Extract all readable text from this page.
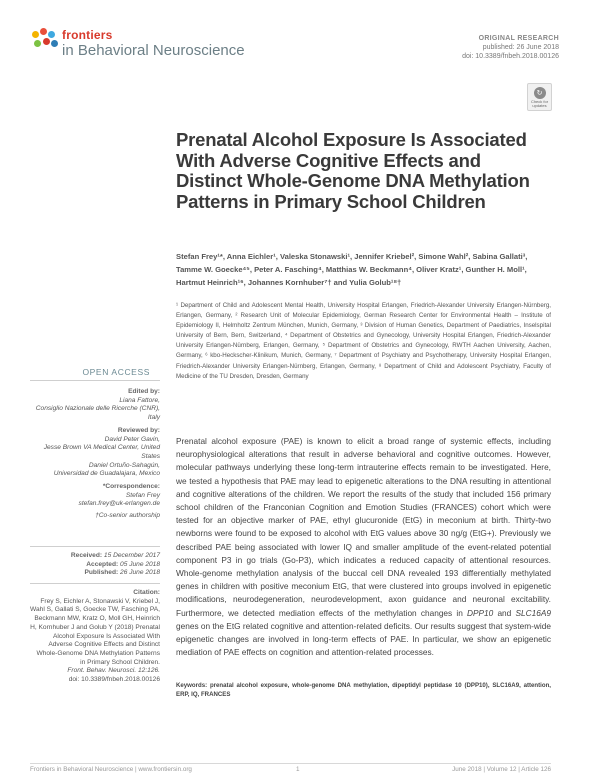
frontiers
in Behavioral Neuroscience
ORIGINAL RESEARCH
published: 26 June 2018
doi: 10.3389/fnbeh.2018.00126
↻
Check for updates
Prenatal Alcohol Exposure Is Associated With Adverse Cognitive Effects and Distinct Whole-Genome DNA Methylation Patterns in Primary School Children
Stefan Frey¹*, Anna Eichler¹, Valeska Stonawski¹, Jennifer Kriebel², Simone Wahl², Sabina Gallati³, Tamme W. Goecke⁴⁵, Peter A. Fasching⁴, Matthias W. Beckmann⁴, Oliver Kratz¹, Gunther H. Moll¹, Hartmut Heinrich¹⁶, Johannes Kornhuber⁷† and Yulia Golub¹⁸†
¹ Department of Child and Adolescent Mental Health, University Hospital Erlangen, Friedrich-Alexander University Erlangen-Nürnberg, Erlangen, Germany, ² Research Unit of Molecular Epidemiology, German Research Center for Environmental Health – Institute of Epidemiology II, Helmholtz Zentrum München, Munich, Germany, ³ Division of Human Genetics, Department of Paediatrics, Inselspital University of Bern, Bern, Switzerland, ⁴ Department of Obstetrics and Gynecology, University Hospital Erlangen, Friedrich-Alexander University Erlangen-Nürnberg, Erlangen, Germany, ⁵ Department of Obstetrics and Gynecology, RWTH Aachen University, Aachen, Germany, ⁶ kbo-Heckscher-Klinikum, Munich, Germany, ⁷ Department of Psychiatry and Psychotherapy, University Hospital Erlangen, Friedrich-Alexander University Erlangen-Nürnberg, Erlangen, Germany, ⁸ Department of Child and Adolescent Psychiatry, Faculty of Medicine of the TU Dresden, Dresden, Germany
OPEN ACCESS
Edited by:
Liana Fattore,
Consiglio Nazionale delle Ricerche (CNR), Italy
Reviewed by:
David Peter Gavin,
Jesse Brown VA Medical Center, United States
Daniel Ortuño-Sahagún,
Universidad de Guadalajara, Mexico
*Correspondence:
Stefan Frey
stefan.frey@uk-erlangen.de
†Co-senior authorship
Received: 15 December 2017
Accepted: 05 June 2018
Published: 26 June 2018
Citation:
Frey S, Eichler A, Stonawski V, Kriebel J, Wahl S, Gallati S, Goecke TW, Fasching PA, Beckmann MW, Kratz O, Moll GH, Heinrich H, Kornhuber J and Golub Y (2018) Prenatal Alcohol Exposure Is Associated With Adverse Cognitive Effects and Distinct Whole-Genome DNA Methylation Patterns in Primary School Children.
Front. Behav. Neurosci. 12:126.
doi: 10.3389/fnbeh.2018.00126
Prenatal alcohol exposure (PAE) is known to elicit a broad range of systemic effects, including neurophysiological alterations that result in adverse behavioral and cognitive outcomes. However, molecular pathways underlying these long-term intrauterine effects remain to be investigated. Here, we tested a hypothesis that PAE may lead to epigenetic alterations to the DNA resulting in attentional and cognitive alterations of the children. We report the results of the study that included 156 primary school children of the Franconian Cognition and Emotion Studies (FRANCES) cohort which were tested for an objective marker of PAE, ethyl glucuronide (EtG) in meconium at birth. Thirty-two newborns were found to be exposed to alcohol with EtG values above 30 ng/g (EtG+). Previously we described PAE being associated with lower IQ and smaller amplitude of the event-related potential component P3 in go trials (Go-P3), which indicates a reduced capacity of attentional resources. Whole-genome methylation analysis of the buccal cell DNA revealed 193 differentially methylated genes in children with positive meconium EtG, that were clustered into groups involved in epigenetic modifications, neurodegeneration, neurodevelopment, axon guidance and neuronal excitability. Furthermore, we detected mediation effects of the methylation changes in DPP10 and SLC16A9 genes on the EtG related cognitive and attention-related deficits. Our results suggest that system-wide epigenetic changes are involved in long-term effects of PAE. In particular, we show an epigenetic mediation of PAE effects on cognition and attention-related processes.
Keywords: prenatal alcohol exposure, whole-genome DNA methylation, dipeptidyl peptidase 10 (DPP10), SLC16A9, attention, ERP, IQ, FRANCES
Frontiers in Behavioral Neuroscience | www.frontiersin.org	1	June 2018 | Volume 12 | Article 126
